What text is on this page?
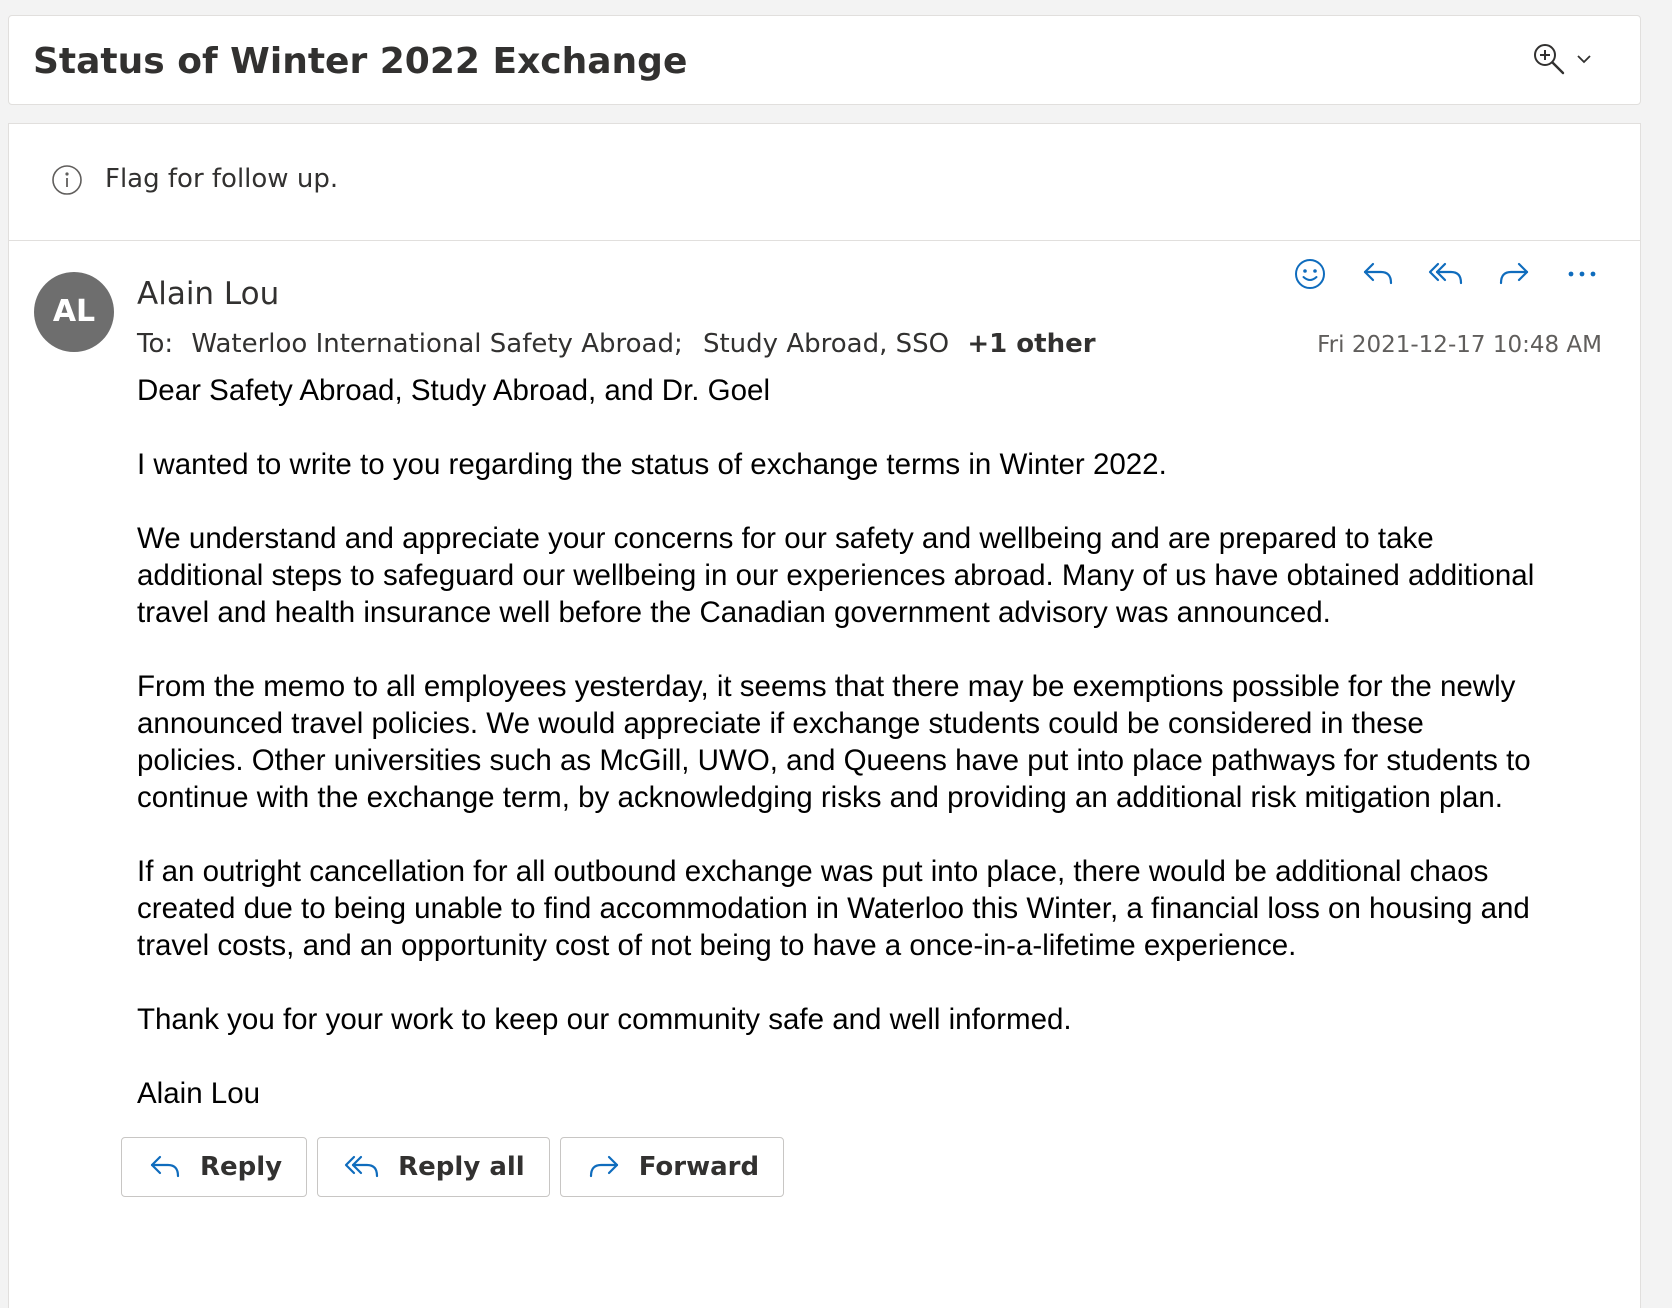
Status of Winter 2022 Exchange
Flag for follow up.
AL	Alain Lou
To: Waterloo International Safety Abroad; Study Abroad, SSO +1 other	Fri 2021-12-17 10:48 AM

Dear Safety Abroad, Study Abroad, and Dr. Goel

I wanted to write to you regarding the status of exchange terms in Winter 2022.

We understand and appreciate your concerns for our safety and wellbeing and are prepared to take additional steps to safeguard our wellbeing in our experiences abroad. Many of us have obtained additional travel and health insurance well before the Canadian government advisory was announced.

From the memo to all employees yesterday, it seems that there may be exemptions possible for the newly announced travel policies. We would appreciate if exchange students could be considered in these policies. Other universities such as McGill, UWO, and Queens have put into place pathways for students to continue with the exchange term, by acknowledging risks and providing an additional risk mitigation plan.

If an outright cancellation for all outbound exchange was put into place, there would be additional chaos created due to being unable to find accommodation in Waterloo this Winter, a financial loss on housing and travel costs, and an opportunity cost of not being to have a once-in-a-lifetime experience.

Thank you for your work to keep our community safe and well informed.

Alain Lou

Reply	Reply all	Forward
